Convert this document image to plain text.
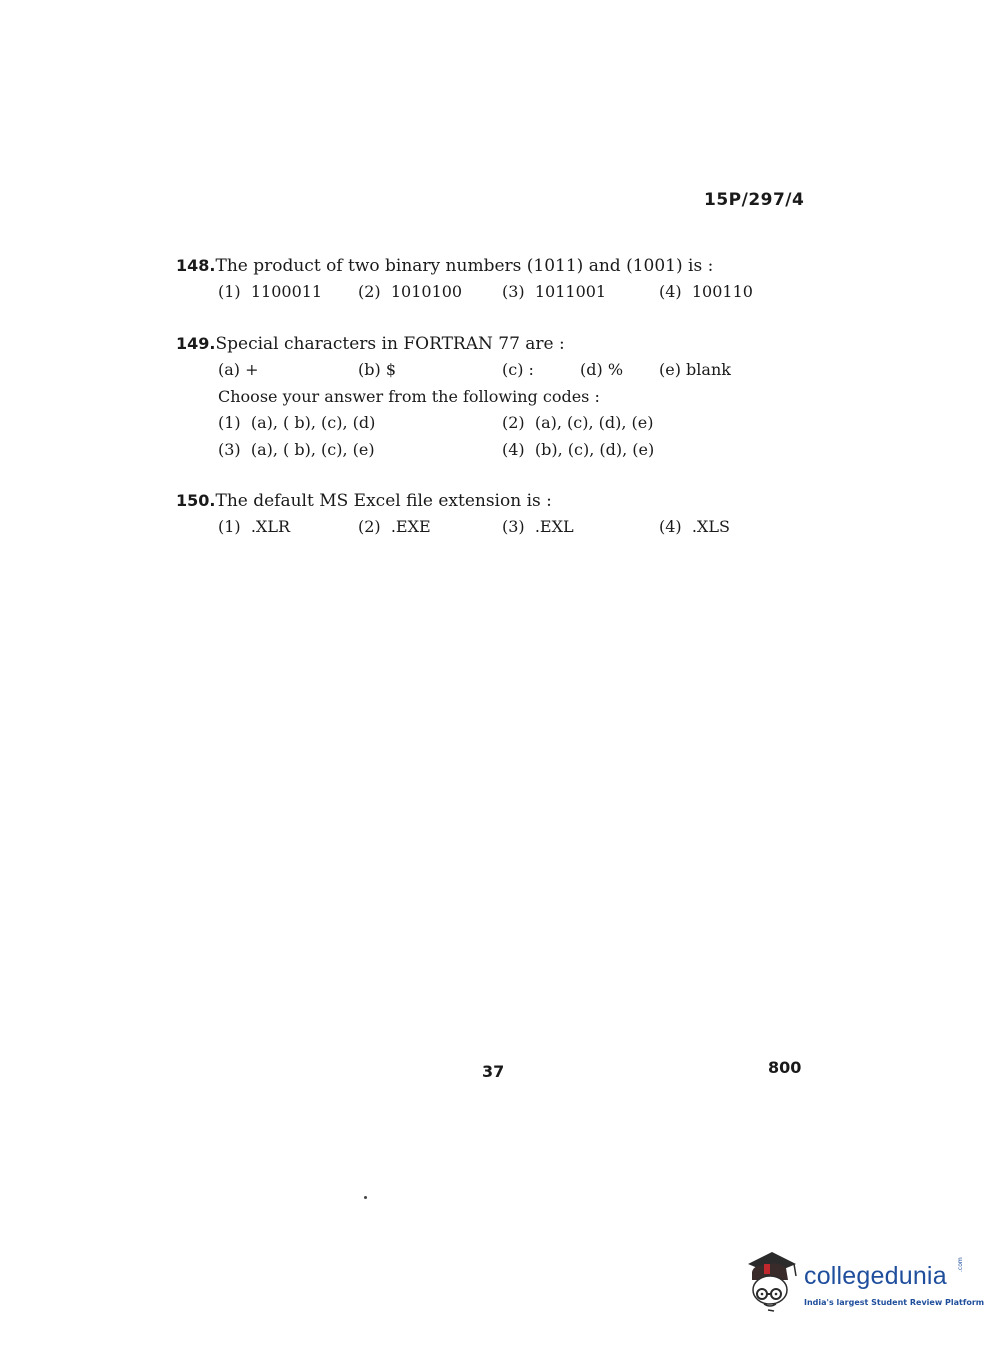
15P/297/4
148.The product of two binary numbers (1011) and (1001) is :
(1) 1100011 (2) 1010100 (3) 1011001	(4) 100110
149.Special characters in FORTRAN 77 are :
(a) +	(b) $	(c) :	(d) % (e) blank
Choose your answer from the following codes :
(1) (a), ( b), (c), (d)	(2) (a), (c), (d), (e)
(3) (a), ( b), (c), (e)	(4) (b), (c), (d), (e)
150.The default MS Excel file extension is :
(1) .XLR	(2) .EXE	(3) .EXL	(4) .XLS
37	800
collegedunia .com
India's largest Student Review Platform
